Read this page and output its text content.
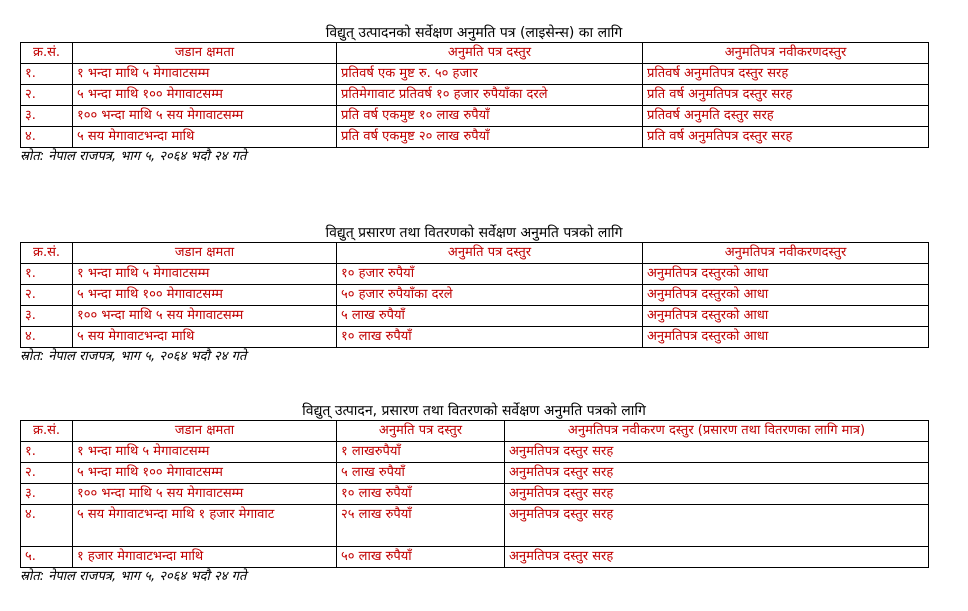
विद्युत् उत्पादनको सर्वेक्षण अनुमति पत्र (लाइसेन्स) का लागि
क्र.सं.	जडान क्षमता	अनुमति पत्र दस्तुर	अनुमतिपत्र नवीकरणदस्तुर
१.	१ भन्दा माथि ५ मेगावाटसम्म	प्रतिवर्ष एक मुष्ट रु. ५० हजार	प्रतिवर्ष अनुमतिपत्र दस्तुर सरह
२.	५ भन्दा माथि १०० मेगावाटसम्म	प्रतिमेगावाट प्रतिवर्ष १० हजार रुपैयाँका दरले	प्रति वर्ष अनुमतिपत्र दस्तुर सरह
३.	१०० भन्दा माथि ५ सय मेगावाटसम्म	प्रति वर्ष एकमुष्ट १० लाख रुपैयाँ	प्रतिवर्ष अनुमति दस्तुर सरह
४.	५ सय मेगावाटभन्दा माथि	प्रति वर्ष एकमुष्ट २० लाख रुपैयाँ	प्रति वर्ष अनुमतिपत्र दस्तुर सरह
स्रोत: नेपाल राजपत्र, भाग ५, २०६४ भदौ २४ गते
विद्युत् प्रसारण तथा वितरणको सर्वेक्षण अनुमति पत्रको लागि
क्र.सं.	जडान क्षमता	अनुमति पत्र दस्तुर	अनुमतिपत्र नवीकरणदस्तुर
१.	१ भन्दा माथि ५ मेगावाटसम्म	१० हजार रुपैयाँ	अनुमतिपत्र दस्तुरको आधा
२.	५ भन्दा माथि १०० मेगावाटसम्म	५० हजार रुपैयाँका दरले	अनुमतिपत्र दस्तुरको आधा
३.	१०० भन्दा माथि ५ सय मेगावाटसम्म	५ लाख रुपैयाँ	अनुमतिपत्र दस्तुरको आधा
४.	५ सय मेगावाटभन्दा माथि	१० लाख रुपैयाँ	अनुमतिपत्र दस्तुरको आधा
स्रोत: नेपाल राजपत्र, भाग ५, २०६४ भदौ २४ गते
विद्युत् उत्पादन, प्रसारण तथा वितरणको सर्वेक्षण अनुमति पत्रको लागि
क्र.सं.	जडान क्षमता	अनुमति पत्र दस्तुर	अनुमतिपत्र नवीकरण दस्तुर (प्रसारण तथा वितरणका लागि मात्र)
१.	१ भन्दा माथि ५ मेगावाटसम्म	१ लाखरुपैयाँ	अनुमतिपत्र दस्तुर सरह
२.	५ भन्दा माथि १०० मेगावाटसम्म	५ लाख रुपैयाँ	अनुमतिपत्र दस्तुर सरह
३.	१०० भन्दा माथि ५ सय मेगावाटसम्म	१० लाख रुपैयाँ	अनुमतिपत्र दस्तुर सरह
४.	५ सय मेगावाटभन्दा माथि १ हजार मेगावाट	२५ लाख रुपैयाँ	अनुमतिपत्र दस्तुर सरह
५.	१ हजार मेगावाटभन्दा माथि	५० लाख रुपैयाँ	अनुमतिपत्र दस्तुर सरह
स्रोत: नेपाल राजपत्र, भाग ५, २०६४ भदौ २४ गते
